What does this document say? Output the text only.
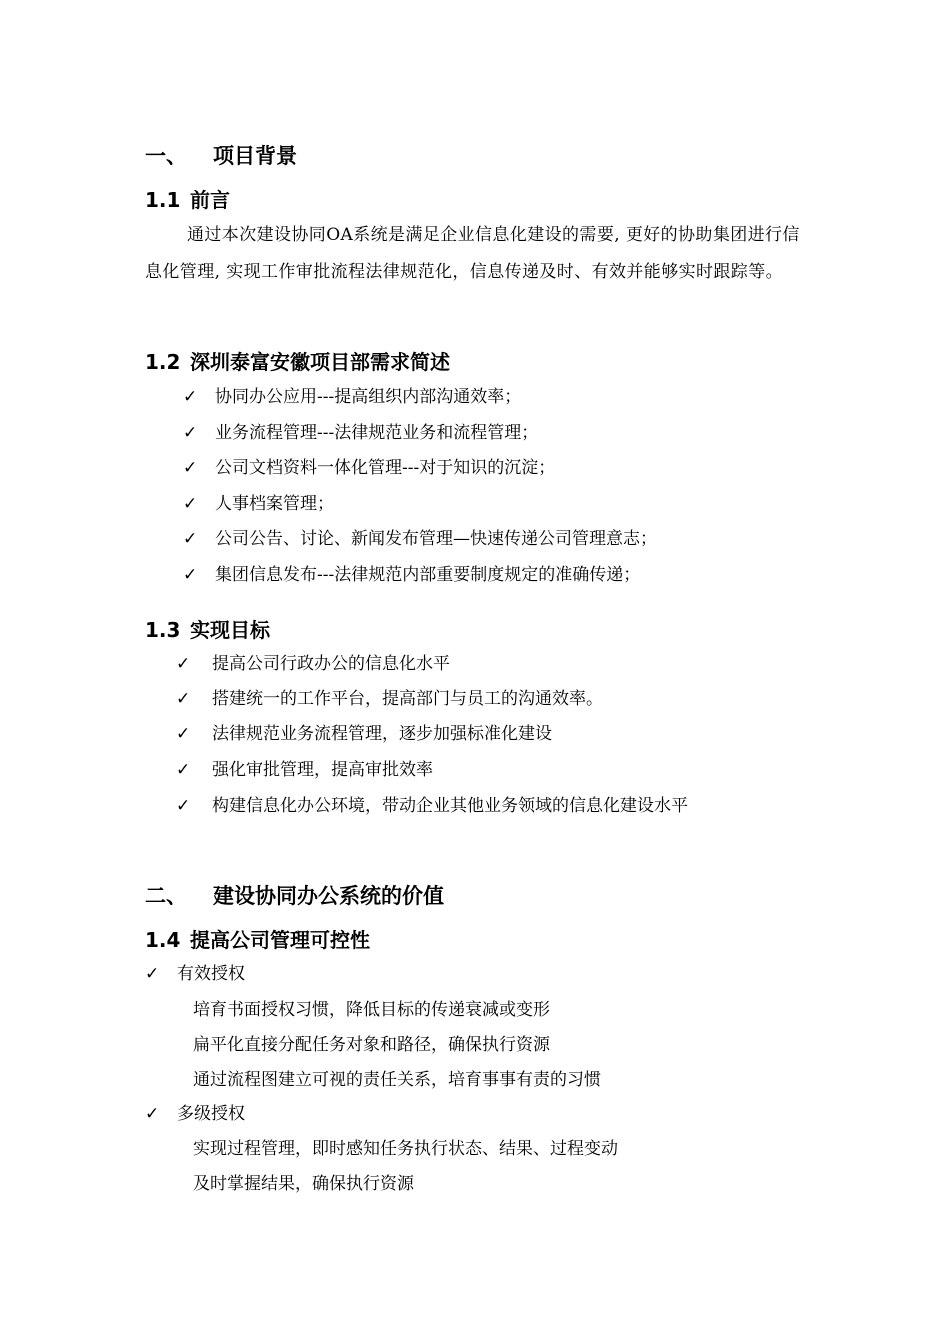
一、 项目背景
1.1 前言
通过本次建设协同OA系统是满足企业信息化建设的需要, 更好的协助集团进行信息化管理, 实现工作审批流程法律规范化，信息传递及时、有效并能够实时跟踪等。
1.2 深圳泰富安徽项目部需求简述
✓ 协同办公应用---提高组织内部沟通效率；
✓ 业务流程管理---法律规范业务和流程管理；
✓ 公司文档资料一体化管理---对于知识的沉淀；
✓ 人事档案管理；
✓ 公司公告、讨论、新闻发布管理—快速传递公司管理意志；
✓ 集团信息发布---法律规范内部重要制度规定的准确传递；
1.3 实现目标
✓ 提高公司行政办公的信息化水平
✓ 搭建统一的工作平台，提高部门与员工的沟通效率。
✓ 法律规范业务流程管理，逐步加强标准化建设
✓ 强化审批管理，提高审批效率
✓ 构建信息化办公环境，带动企业其他业务领域的信息化建设水平
二、 建设协同办公系统的价值
1.4 提高公司管理可控性
✓ 有效授权
培育书面授权习惯，降低目标的传递衰减或变形
扁平化直接分配任务对象和路径，确保执行资源
通过流程图建立可视的责任关系，培育事事有责的习惯
✓ 多级授权
实现过程管理，即时感知任务执行状态、结果、过程变动
及时掌握结果，确保执行资源
